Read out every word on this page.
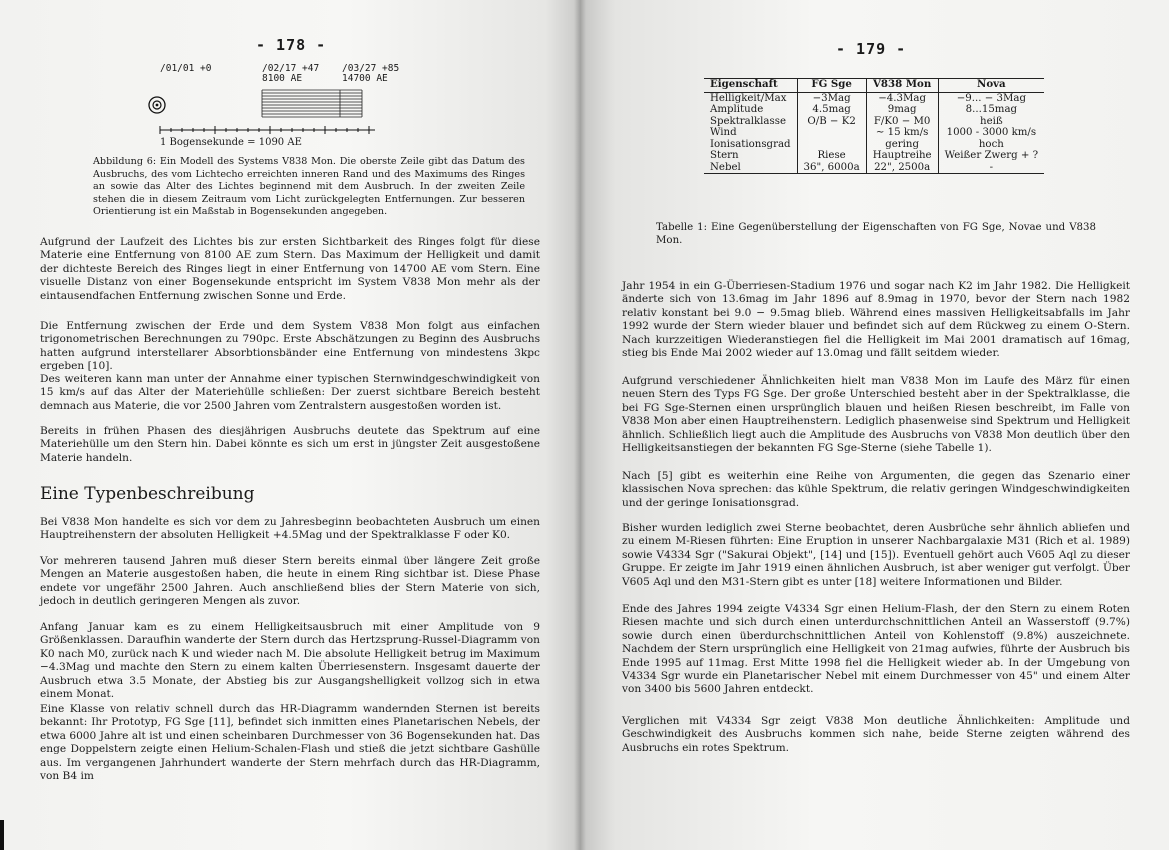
- 178 -
/01/01 +0	/02/17 +47
8100 AE
/03/27 +85
14700 AE
1 Bogensekunde = 1090 AE
Abbildung 6: Ein Modell des Systems V838 Mon. Die oberste Zeile gibt das Datum des Ausbruchs, des vom Lichtecho erreichten inneren Rand und des Maximums des Ringes an sowie das Alter des Lichtes beginnend mit dem Ausbruch. In der zweiten Zeile stehen die in diesem Zeitraum vom Licht zurückgelegten Entfernungen. Zur besseren Orientierung ist ein Maßstab in Bogensekunden angegeben.
Aufgrund der Laufzeit des Lichtes bis zur ersten Sichtbarkeit des Ringes folgt für diese Materie eine Entfernung von 8100 AE zum Stern. Das Maximum der Helligkeit und damit der dichteste Bereich des Ringes liegt in einer Entfernung von 14700 AE vom Stern. Eine visuelle Distanz von einer Bogensekunde entspricht im System V838 Mon mehr als der eintausendfachen Entfernung zwischen Sonne und Erde.
Die Entfernung zwischen der Erde und dem System V838 Mon folgt aus einfachen trigonometrischen Berechnungen zu 790pc. Erste Abschätzungen zu Beginn des Ausbruchs hatten aufgrund interstellarer Absorbtionsbänder eine Entfernung von mindestens 3kpc ergeben [10].
Des weiteren kann man unter der Annahme einer typischen Sternwindgeschwindigkeit von 15 km/s auf das Alter der Materiehülle schließen: Der zuerst sichtbare Bereich besteht demnach aus Materie, die vor 2500 Jahren vom Zentralstern ausgestoßen worden ist.
Bereits in frühen Phasen des diesjährigen Ausbruchs deutete das Spektrum auf eine Materiehülle um den Stern hin. Dabei könnte es sich um erst in jüngster Zeit ausgestoßene Materie handeln.
Eine Typenbeschreibung
Bei V838 Mon handelte es sich vor dem zu Jahresbeginn beobachteten Ausbruch um einen Hauptreihenstern der absoluten Helligkeit +4.5Mag und der Spektralklasse F oder K0.
Vor mehreren tausend Jahren muß dieser Stern bereits einmal über längere Zeit große Mengen an Materie ausgestoßen haben, die heute in einem Ring sichtbar ist. Diese Phase endete vor ungefähr 2500 Jahren. Auch anschließend blies der Stern Materie von sich, jedoch in deutlich geringeren Mengen als zuvor.
Anfang Januar kam es zu einem Helligkeitsausbruch mit einer Amplitude von 9 Größenklassen. Daraufhin wanderte der Stern durch das Hertzsprung-Russel-Diagramm von K0 nach M0, zurück nach K und wieder nach M. Die absolute Helligkeit betrug im Maximum −4.3Mag und machte den Stern zu einem kalten Überriesenstern. Insgesamt dauerte der Ausbruch etwa 3.5 Monate, der Abstieg bis zur Ausgangshelligkeit vollzog sich in etwa einem Monat.
Eine Klasse von relativ schnell durch das HR-Diagramm wandernden Sternen ist bereits bekannt: Ihr Prototyp, FG Sge [11], befindet sich inmitten eines Planetarischen Nebels, der etwa 6000 Jahre alt ist und einen scheinbaren Durchmesser von 36 Bogensekunden hat. Das enge Doppelstern zeigte einen Helium-Schalen-Flash und stieß die jetzt sichtbare Gashülle aus. Im vergangenen Jahrhundert wanderte der Stern mehrfach durch das HR-Diagramm, von B4 im
- 179 -
Eigenschaft	FG Sge	V838 Mon	Nova
Helligkeit/Max	−3Mag	−4.3Mag	−9... − 3Mag
Amplitude	4.5mag	9mag	8...15mag
Spektralklasse	O/B − K2	F/K0 − M0	heiß
Wind		∼ 15 km/s	1000 - 3000 km/s
Ionisationsgrad		gering	hoch
Stern	Riese	Hauptreihe	Weißer Zwerg + ?
Nebel	36", 6000a	22", 2500a	-
Tabelle 1: Eine Gegenüberstellung der Eigenschaften von FG Sge, Novae und V838 Mon.
Jahr 1954 in ein G-Überriesen-Stadium 1976 und sogar nach K2 im Jahr 1982. Die Helligkeit änderte sich von 13.6mag im Jahr 1896 auf 8.9mag in 1970, bevor der Stern nach 1982 relativ konstant bei 9.0 − 9.5mag blieb. Während eines massiven Helligkeitsabfalls im Jahr 1992 wurde der Stern wieder blauer und befindet sich auf dem Rückweg zu einem O-Stern. Nach kurzzeitigen Wiederanstiegen fiel die Helligkeit im Mai 2001 dramatisch auf 16mag, stieg bis Ende Mai 2002 wieder auf 13.0mag und fällt seitdem wieder.
Aufgrund verschiedener Ähnlichkeiten hielt man V838 Mon im Laufe des März für einen neuen Stern des Typs FG Sge. Der große Unterschied besteht aber in der Spektralklasse, die bei FG Sge-Sternen einen ursprünglich blauen und heißen Riesen beschreibt, im Falle von V838 Mon aber einen Hauptreihenstern. Lediglich phasenweise sind Spektrum und Helligkeit ähnlich. Schließlich liegt auch die Amplitude des Ausbruchs von V838 Mon deutlich über den Helligkeitsanstiegen der bekannten FG Sge-Sterne (siehe Tabelle 1).
Nach [5] gibt es weiterhin eine Reihe von Argumenten, die gegen das Szenario einer klassischen Nova sprechen: das kühle Spektrum, die relativ geringen Windgeschwindigkeiten und der geringe Ionisationsgrad.
Bisher wurden lediglich zwei Sterne beobachtet, deren Ausbrüche sehr ähnlich abliefen und zu einem M-Riesen führten: Eine Eruption in unserer Nachbargalaxie M31 (Rich et al. 1989) sowie V4334 Sgr ("Sakurai Objekt", [14] und [15]). Eventuell gehört auch V605 Aql zu dieser Gruppe. Er zeigte im Jahr 1919 einen ähnlichen Ausbruch, ist aber weniger gut verfolgt. Über V605 Aql und den M31-Stern gibt es unter [18] weitere Informationen und Bilder.
Ende des Jahres 1994 zeigte V4334 Sgr einen Helium-Flash, der den Stern zu einem Roten Riesen machte und sich durch einen unterdurchschnittlichen Anteil an Wasserstoff (9.7%) sowie durch einen überdurchschnittlichen Anteil von Kohlenstoff (9.8%) auszeichnete. Nachdem der Stern ursprünglich eine Helligkeit von 21mag aufwies, führte der Ausbruch bis Ende 1995 auf 11mag. Erst Mitte 1998 fiel die Helligkeit wieder ab. In der Umgebung von V4334 Sgr wurde ein Planetarischer Nebel mit einem Durchmesser von 45" und einem Alter von 3400 bis 5600 Jahren entdeckt.
Verglichen mit V4334 Sgr zeigt V838 Mon deutliche Ähnlichkeiten: Amplitude und Geschwindigkeit des Ausbruchs kommen sich nahe, beide Sterne zeigten während des Ausbruchs ein rotes Spektrum.
